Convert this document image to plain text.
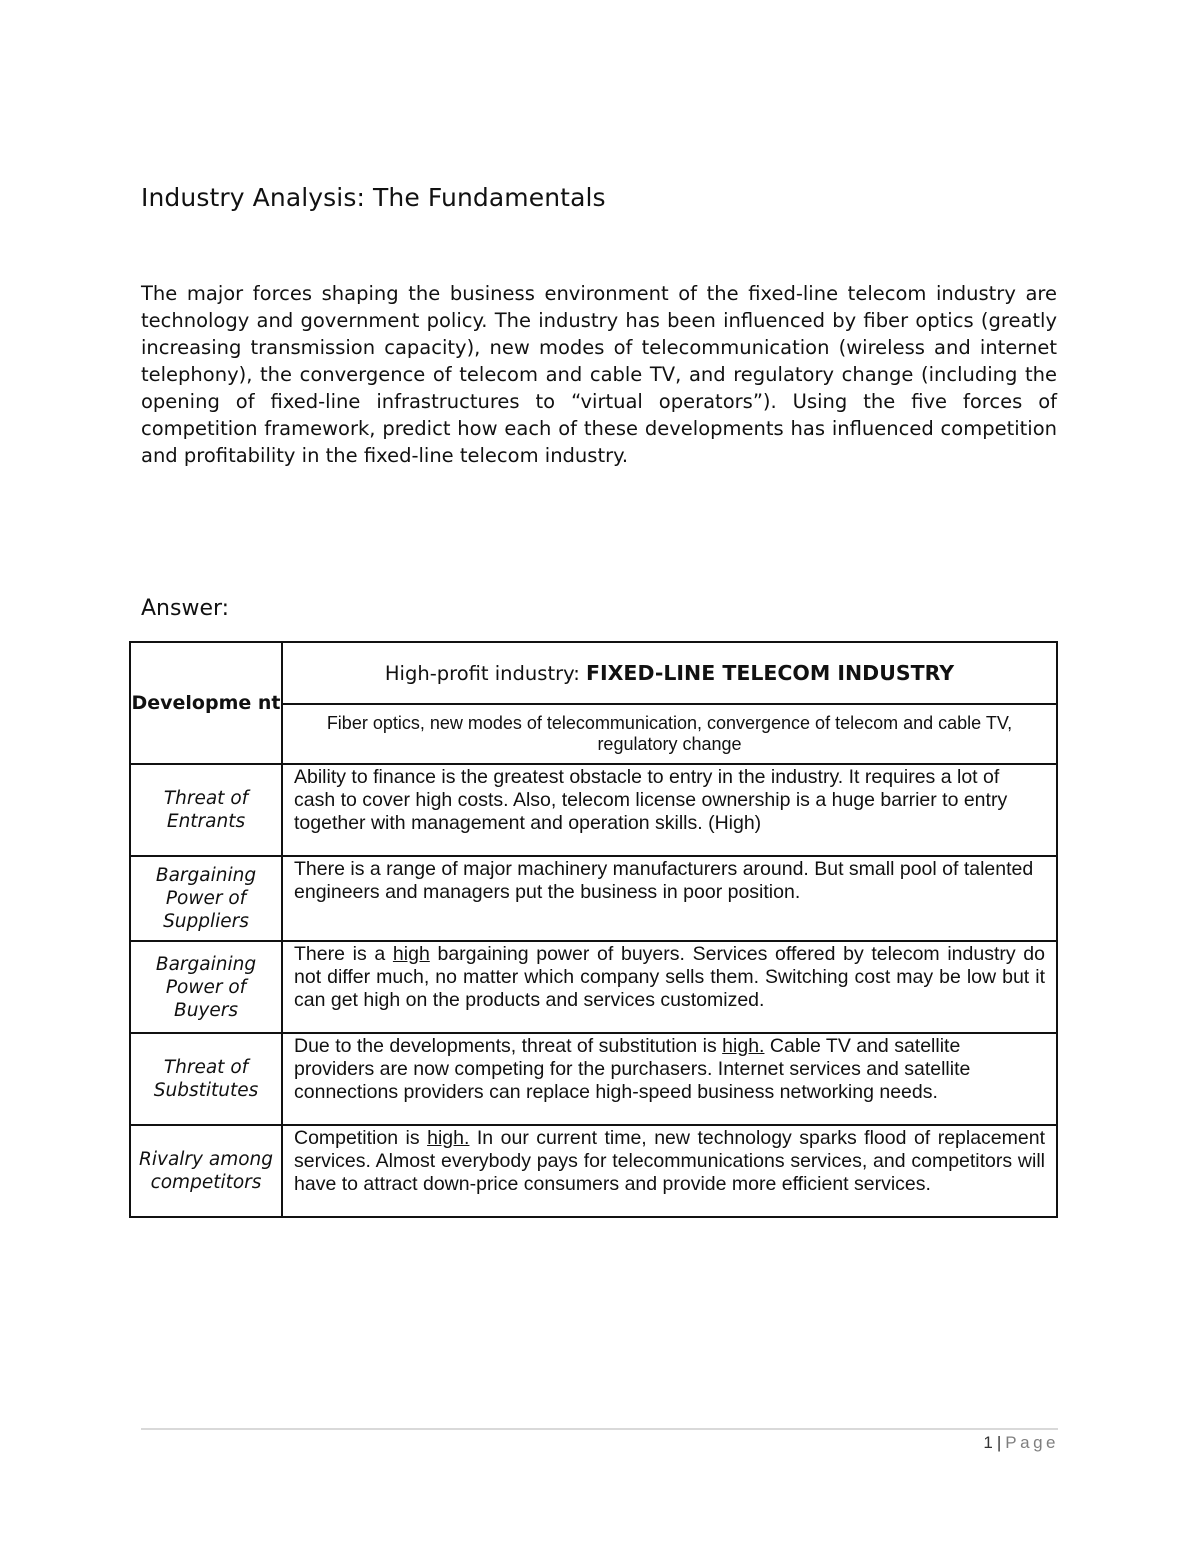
Industry Analysis: The Fundamentals

The major forces shaping the business environment of the fixed-line telecom industry are technology and government policy. The industry has been influenced by fiber optics (greatly increasing transmission capacity), new modes of telecommunication (wireless and internet telephony), the convergence of telecom and cable TV, and regulatory change (including the opening of fixed-line infrastructures to “virtual operators”). Using the five forces of competition framework, predict how each of these developments has influenced competition and profitability in the fixed-line telecom industry.

Answer:

Developme nt	High-profit industry: FIXED-LINE TELECOM INDUSTRY
	Fiber optics, new modes of telecommunication, convergence of telecom and cable TV, regulatory change
Threat of Entrants	Ability to finance is the greatest obstacle to entry in the industry. It requires a lot of cash to cover high costs. Also, telecom license ownership is a huge barrier to entry together with management and operation skills. (High)
Bargaining Power of Suppliers	There is a range of major machinery manufacturers around. But small pool of talented engineers and managers put the business in poor position.
Bargaining Power of Buyers	There is a high bargaining power of buyers. Services offered by telecom industry do not differ much, no matter which company sells them. Switching cost may be low but it can get high on the products and services customized.
Threat of Substitutes	Due to the developments, threat of substitution is high. Cable TV and satellite providers are now competing for the purchasers. Internet services and satellite connections providers can replace high-speed business networking needs.
Rivalry among competitors	Competition is high. In our current time, new technology sparks flood of replacement services. Almost everybody pays for telecommunications services, and competitors will have to attract down-price consumers and provide more efficient services.
1 | Page
